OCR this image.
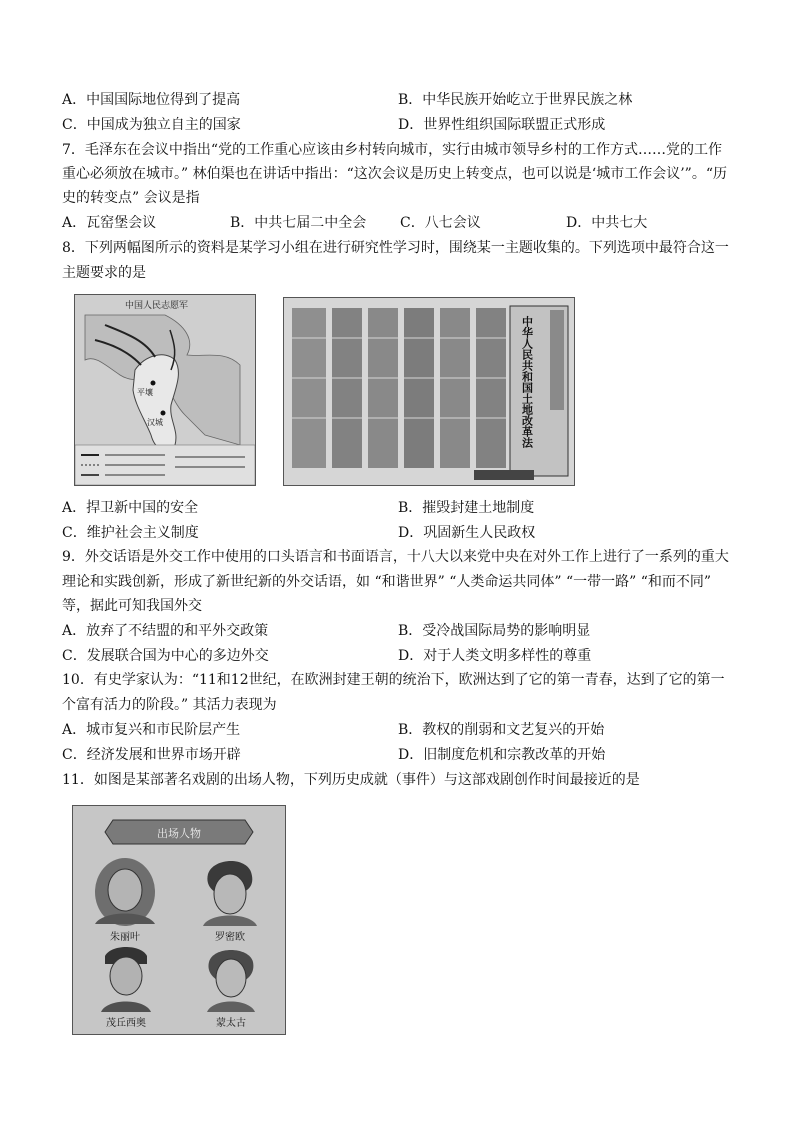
A．中国国际地位得到了提高	B．中华民族开始屹立于世界民族之林
C．中国成为独立自主的国家	D．世界性组织国际联盟正式形成
7．毛泽东在会议中指出“党的工作重心应该由乡村转向城市，实行由城市领导乡村的工作方式……党的工作
重心必须放在城市。” 林伯渠也在讲话中指出：“这次会议是历史上转变点，也可以说是‘城市工作会议’”。“历
史的转变点” 会议是指
A．瓦窑堡会议	B．中共七届二中全会 C．八七会议	D．中共七大
8．下列两幅图所示的资料是某学习小组在进行研究性学习时，围绕某一主题收集的。下列选项中最符合这一
主题要求的是
中国人民志愿军
平壤
汉城	中华人民共和国土地改革法
A．捍卫新中国的安全	B．摧毁封建土地制度
C．维护社会主义制度	D．巩固新生人民政权
9．外交话语是外交工作中使用的口头语言和书面语言，十八大以来党中央在对外工作上进行了一系列的重大
理论和实践创新，形成了新世纪新的外交话语，如 “和谐世界” “人类命运共同体” “一带一路” “和而不同”
等，据此可知我国外交
A．放弃了不结盟的和平外交政策	B．受冷战国际局势的影响明显
C．发展联合国为中心的多边外交	D．对于人类文明多样性的尊重
10．有史学家认为：“11和12世纪，在欧洲封建王朝的统治下，欧洲达到了它的第一青春，达到了它的第一
个富有活力的阶段。” 其活力表现为
A．城市复兴和市民阶层产生	B．教权的削弱和文艺复兴的开始
C．经济发展和世界市场开辟	D．旧制度危机和宗教改革的开始
11．如图是某部著名戏剧的出场人物，下列历史成就（事件）与这部戏剧创作时间最接近的是
出场人物
朱丽叶	罗密欧
茂丘西奥	蒙太古
